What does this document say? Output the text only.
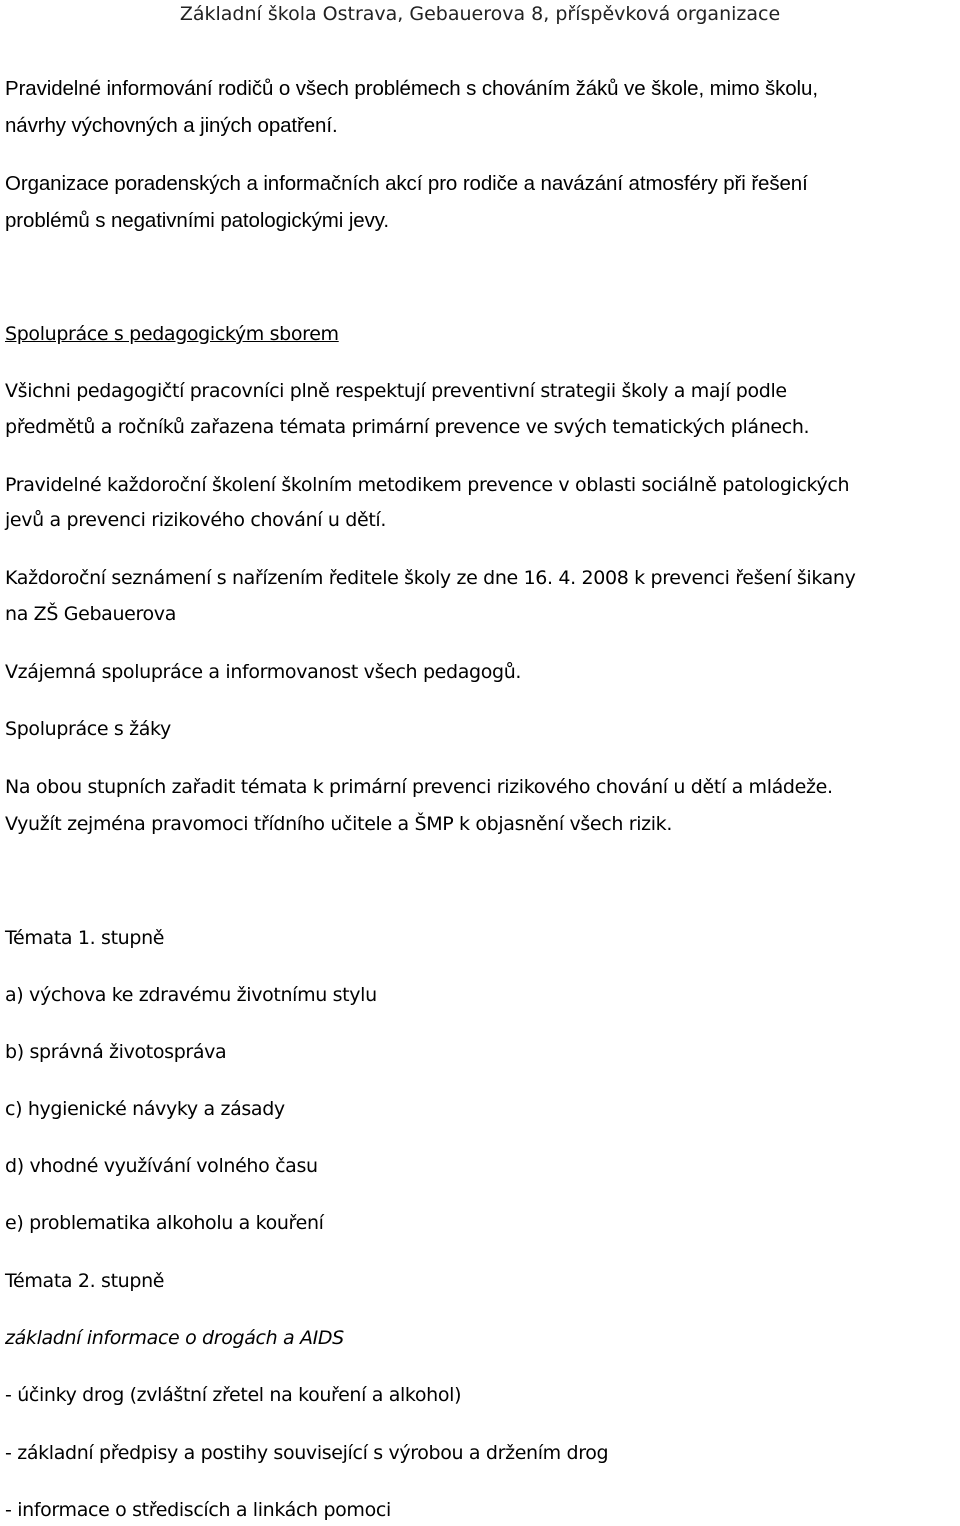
Základní škola Ostrava, Gebauerova 8, příspěvková organizace
Pravidelné informování rodičů o všech problémech s chováním žáků ve škole, mimo školu,
návrhy výchovných a jiných opatření.
Organizace poradenských a informačních akcí pro rodiče a navázání atmosféry při řešení
problémů s negativními patologickými jevy.
Spolupráce s pedagogickým sborem
Všichni pedagogičtí pracovníci plně respektují preventivní strategii školy a mají podle
předmětů a ročníků zařazena témata primární prevence ve svých tematických plánech.
Pravidelné každoroční školení školním metodikem prevence v oblasti sociálně patologických
jevů a prevenci rizikového chování u dětí.
Každoroční seznámení s nařízením ředitele školy ze dne 16. 4. 2008 k prevenci řešení šikany
na ZŠ Gebauerova
Vzájemná spolupráce a informovanost všech pedagogů.
Spolupráce s žáky
Na obou stupních zařadit témata k primární prevenci rizikového chování u dětí a mládeže.
Využít zejména pravomoci třídního učitele a ŠMP k objasnění všech rizik.
Témata 1. stupně
a) výchova ke zdravému životnímu stylu
b) správná životospráva
c) hygienické návyky a zásady
d) vhodné využívání volného času
e) problematika alkoholu a kouření
Témata 2. stupně
základní informace o drogách a AIDS
- účinky drog (zvláštní zřetel na kouření a alkohol)
- základní předpisy a postihy související s výrobou a držením drog
- informace o střediscích a linkách pomoci
